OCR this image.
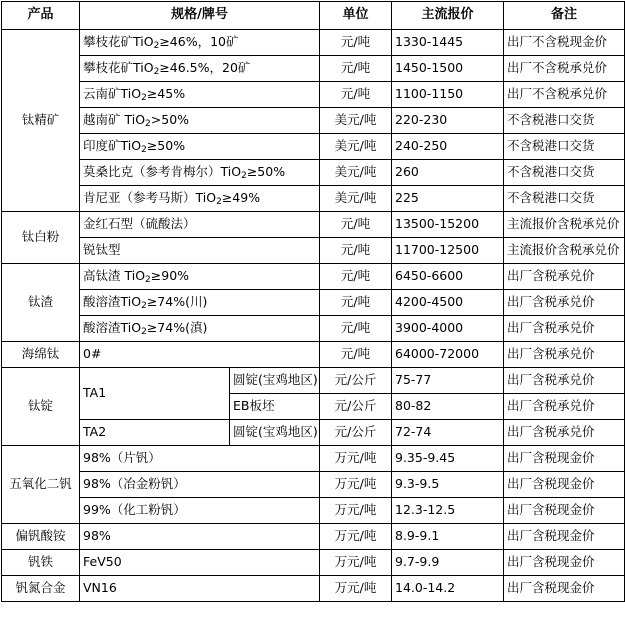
产品	规格/牌号		单位	主流报价	备注
钛精矿	攀枝花矿TiO$_2$≥46%，10矿		元/吨	1330-1445	出厂不含税现金价
	攀枝花矿TiO$_2$≥46.5%，20矿		元/吨	1450-1500	出厂不含税承兑价
	云南矿TiO$_2$≥45%		元/吨	1100-1150	出厂不含税承兑价
	越南矿 TiO$_2$>50%		美元/吨	220-230	不含税港口交货
	印度矿TiO$_2$≥50%		美元/吨	240-250	不含税港口交货
	莫桑比克（参考肯梅尔）TiO$_2$≥50%		美元/吨	260	不含税港口交货
	肯尼亚（参考马斯）TiO$_2$≥49%		美元/吨	225	不含税港口交货
钛白粉	金红石型（硫酸法）		元/吨	13500-15200	主流报价含税承兑价
	锐钛型		元/吨	11700-12500	主流报价含税承兑价
钛渣	高钛渣 TiO$_2$≥90%		元/吨	6450-6600	出厂含税承兑价
	酸溶渣TiO$_2$≥74%(川)		元/吨	4200-4500	出厂含税承兑价
	酸溶渣TiO$_2$≥74%(滇)		元/吨	3900-4000	出厂含税承兑价
海绵钛	0#		元/吨	64000-72000	出厂含税承兑价
钛锭	TA1	圆锭(宝鸡地区)	元/公斤	75-77	出厂含税承兑价
		EB板坯	元/公斤	80-82	出厂含税承兑价
	TA2	圆锭(宝鸡地区)	元/公斤	72-74	出厂含税承兑价
五氧化二钒	98%（片钒）		万元/吨	9.35-9.45	出厂含税现金价
	98%（冶金粉钒）		万元/吨	9.3-9.5	出厂含税现金价
	99%（化工粉钒）		万元/吨	12.3-12.5	出厂含税现金价
偏钒酸铵	98%		万元/吨	8.9-9.1	出厂含税现金价
钒铁	FeV50		万元/吨	9.7-9.9	出厂含税现金价
钒氮合金	VN16		万元/吨	14.0-14.2	出厂含税现金价
